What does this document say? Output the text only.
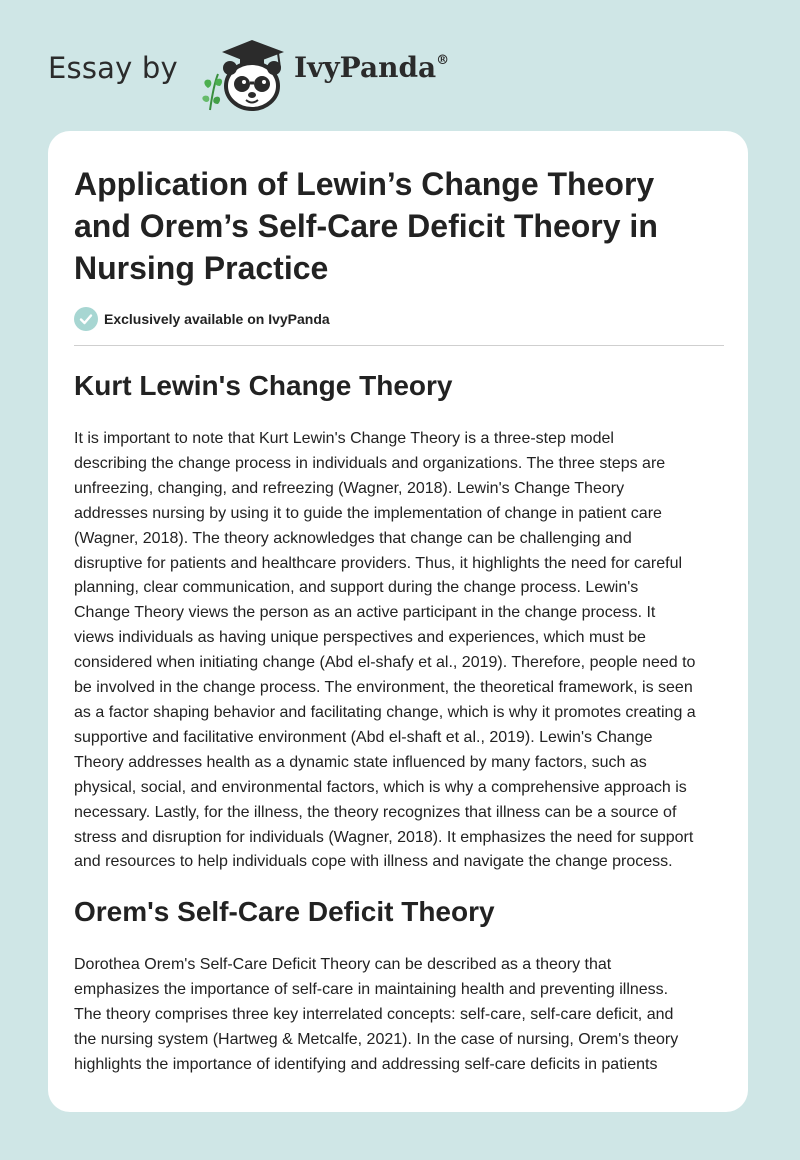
Essay by	IvyPanda®
Application of Lewin’s Change Theory
and Orem’s Self-Care Deficit Theory in
Nursing Practice
Exclusively available on IvyPanda
Kurt Lewin's Change Theory

It is important to note that Kurt Lewin's Change Theory is a three-step model
describing the change process in individuals and organizations. The three steps are
unfreezing, changing, and refreezing (Wagner, 2018). Lewin's Change Theory
addresses nursing by using it to guide the implementation of change in patient care
(Wagner, 2018). The theory acknowledges that change can be challenging and
disruptive for patients and healthcare providers. Thus, it highlights the need for careful
planning, clear communication, and support during the change process. Lewin's
Change Theory views the person as an active participant in the change process. It
views individuals as having unique perspectives and experiences, which must be
considered when initiating change (Abd el-shafy et al., 2019). Therefore, people need to
be involved in the change process. The environment, the theoretical framework, is seen
as a factor shaping behavior and facilitating change, which is why it promotes creating a
supportive and facilitative environment (Abd el-shaft et al., 2019). Lewin's Change
Theory addresses health as a dynamic state influenced by many factors, such as
physical, social, and environmental factors, which is why a comprehensive approach is
necessary. Lastly, for the illness, the theory recognizes that illness can be a source of
stress and disruption for individuals (Wagner, 2018). It emphasizes the need for support
and resources to help individuals cope with illness and navigate the change process.

Orem's Self-Care Deficit Theory

Dorothea Orem's Self-Care Deficit Theory can be described as a theory that
emphasizes the importance of self-care in maintaining health and preventing illness.
The theory comprises three key interrelated concepts: self-care, self-care deficit, and
the nursing system (Hartweg & Metcalfe, 2021). In the case of nursing, Orem's theory
highlights the importance of identifying and addressing self-care deficits in patients
